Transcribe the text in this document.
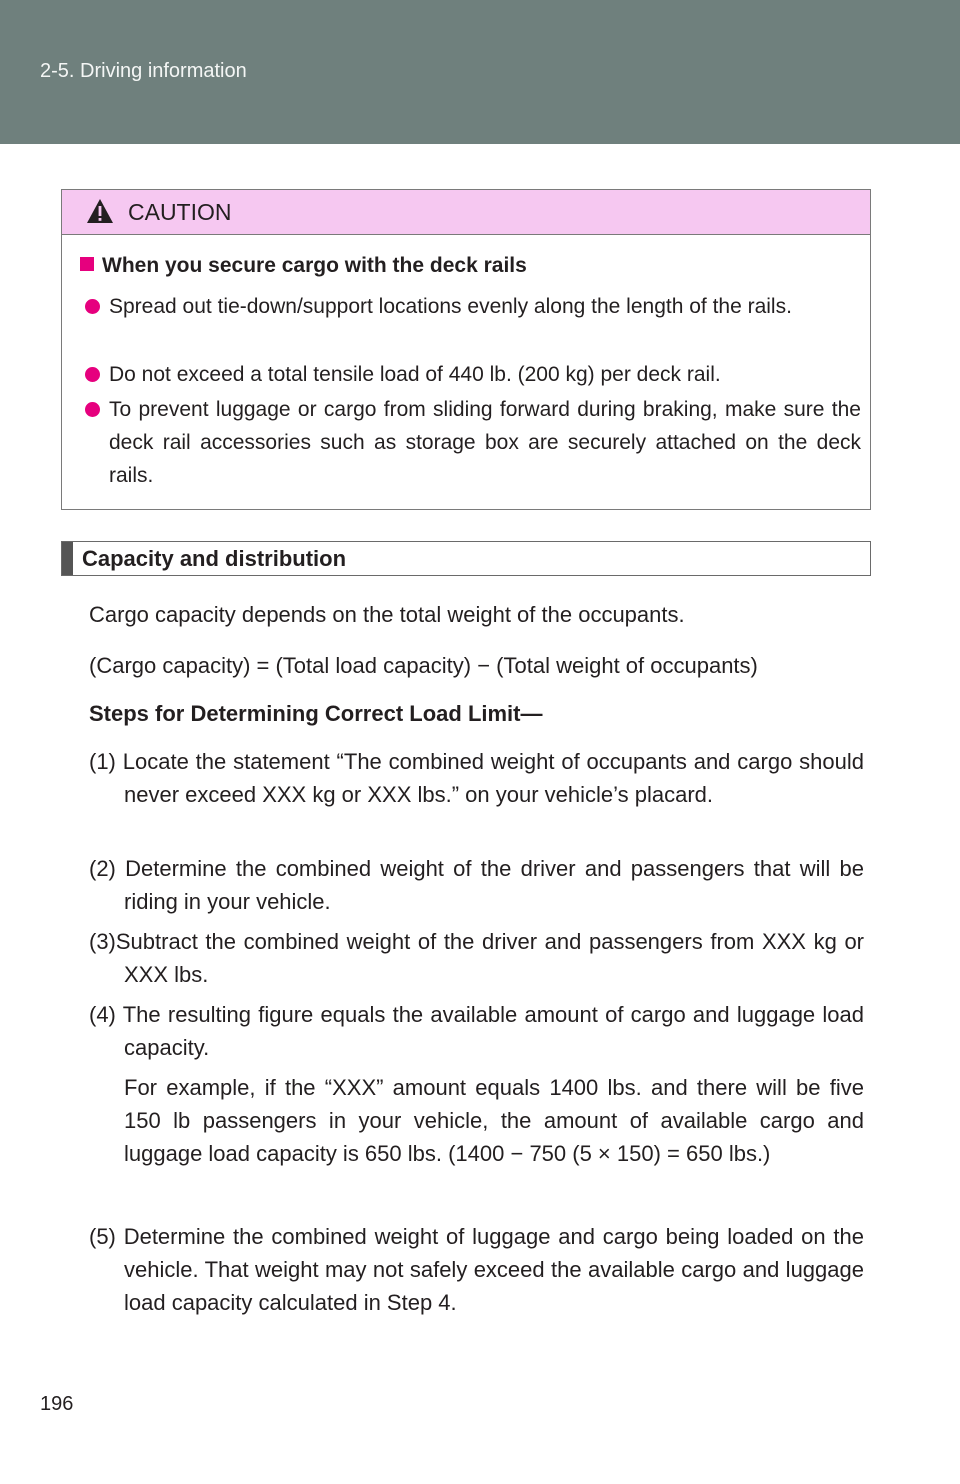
2-5. Driving information
CAUTION
When you secure cargo with the deck rails
Spread out tie-down/support locations evenly along the length of the rails.
Do not exceed a total tensile load of 440 lb. (200 kg) per deck rail.
To prevent luggage or cargo from sliding forward during braking, make sure the deck rail accessories such as storage box are securely attached on the deck rails.
Capacity and distribution
Cargo capacity depends on the total weight of the occupants.
(Cargo capacity) = (Total load capacity) − (Total weight of occupants)
Steps for Determining Correct Load Limit—
(1) Locate the statement “The combined weight of occupants and cargo should never exceed XXX kg or XXX lbs.” on your vehicle’s placard.
(2) Determine the combined weight of the driver and passengers that will be riding in your vehicle.
(3)Subtract the combined weight of the driver and passengers from XXX kg or XXX lbs.
(4) The resulting figure equals the available amount of cargo and luggage load capacity.
For example, if the “XXX” amount equals 1400 lbs. and there will be five 150 lb passengers in your vehicle, the amount of available cargo and luggage load capacity is 650 lbs. (1400 − 750 (5 × 150) = 650 lbs.)
(5) Determine the combined weight of luggage and cargo being loaded on the vehicle. That weight may not safely exceed the available cargo and luggage load capacity calculated in Step 4.
196
